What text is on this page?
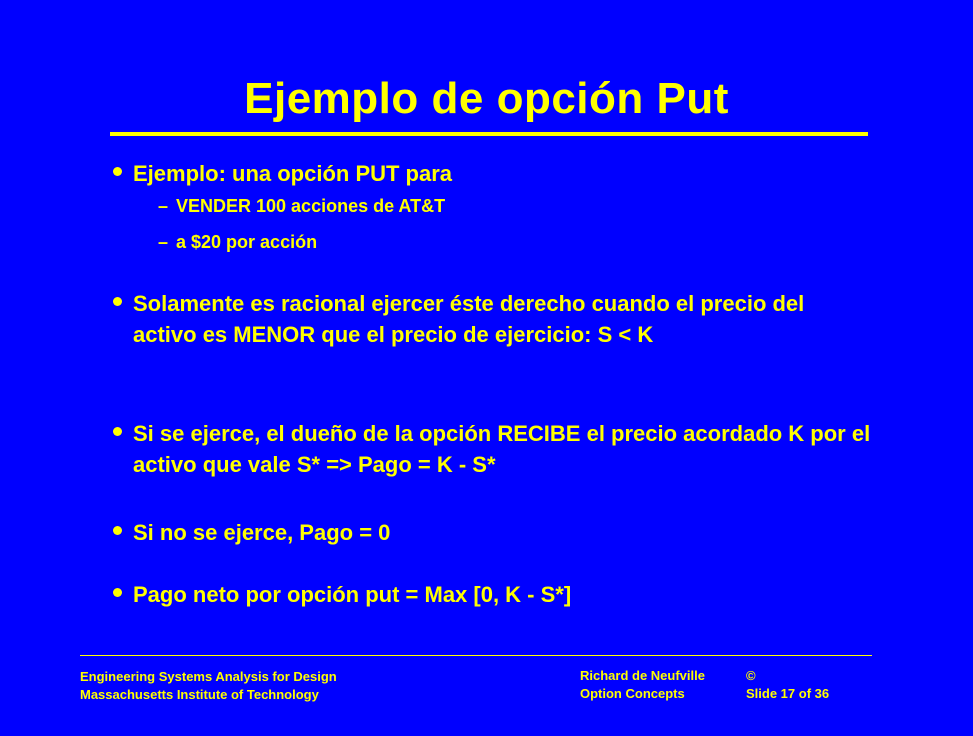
Ejemplo de opción Put
Ejemplo: una opción PUT para
– VENDER 100 acciones de AT&T
– a $20 por acción
Solamente es racional ejercer éste derecho cuando el precio del activo es MENOR que el precio de ejercicio: S < K
Si se ejerce, el dueño de la opción RECIBE el precio acordado K por el activo que vale S* => Pago = K - S*
Si no se ejerce, Pago = 0
Pago neto por opción put = Max [0, K - S*]
Engineering Systems Analysis for Design
Massachusetts Institute of Technology
Richard de Neufville	©
Option Concepts	Slide 17 of 36
